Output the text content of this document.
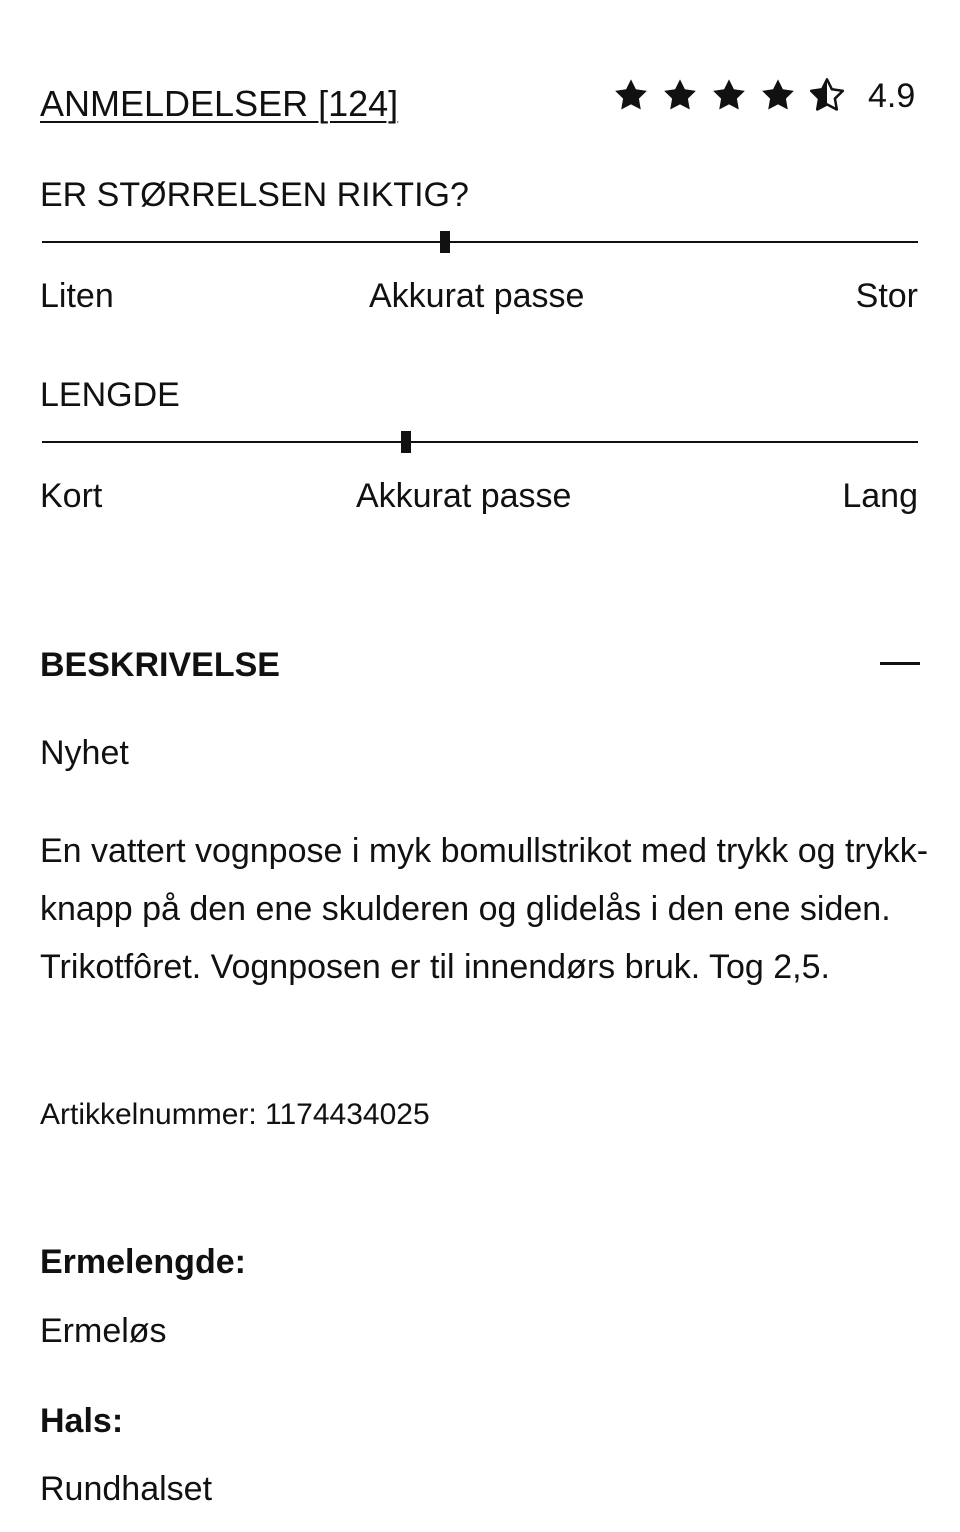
ANMELDELSER [124]	4.9
ER STØRRELSEN RIKTIG?
Liten	Akkurat passe	Stor
LENGDE
Kort	Akkurat passe	Lang
BESKRIVELSE
Nyhet
En vattert vognpose i myk bomullstrikot med trykk og trykk-knapp på den ene skulderen og glidelås i den ene siden. Trikotfôret. Vognposen er til innendørs bruk. Tog 2,5.
Artikkelnummer: 1174434025
Ermelengde:
Ermeløs
Hals:
Rundhalset
